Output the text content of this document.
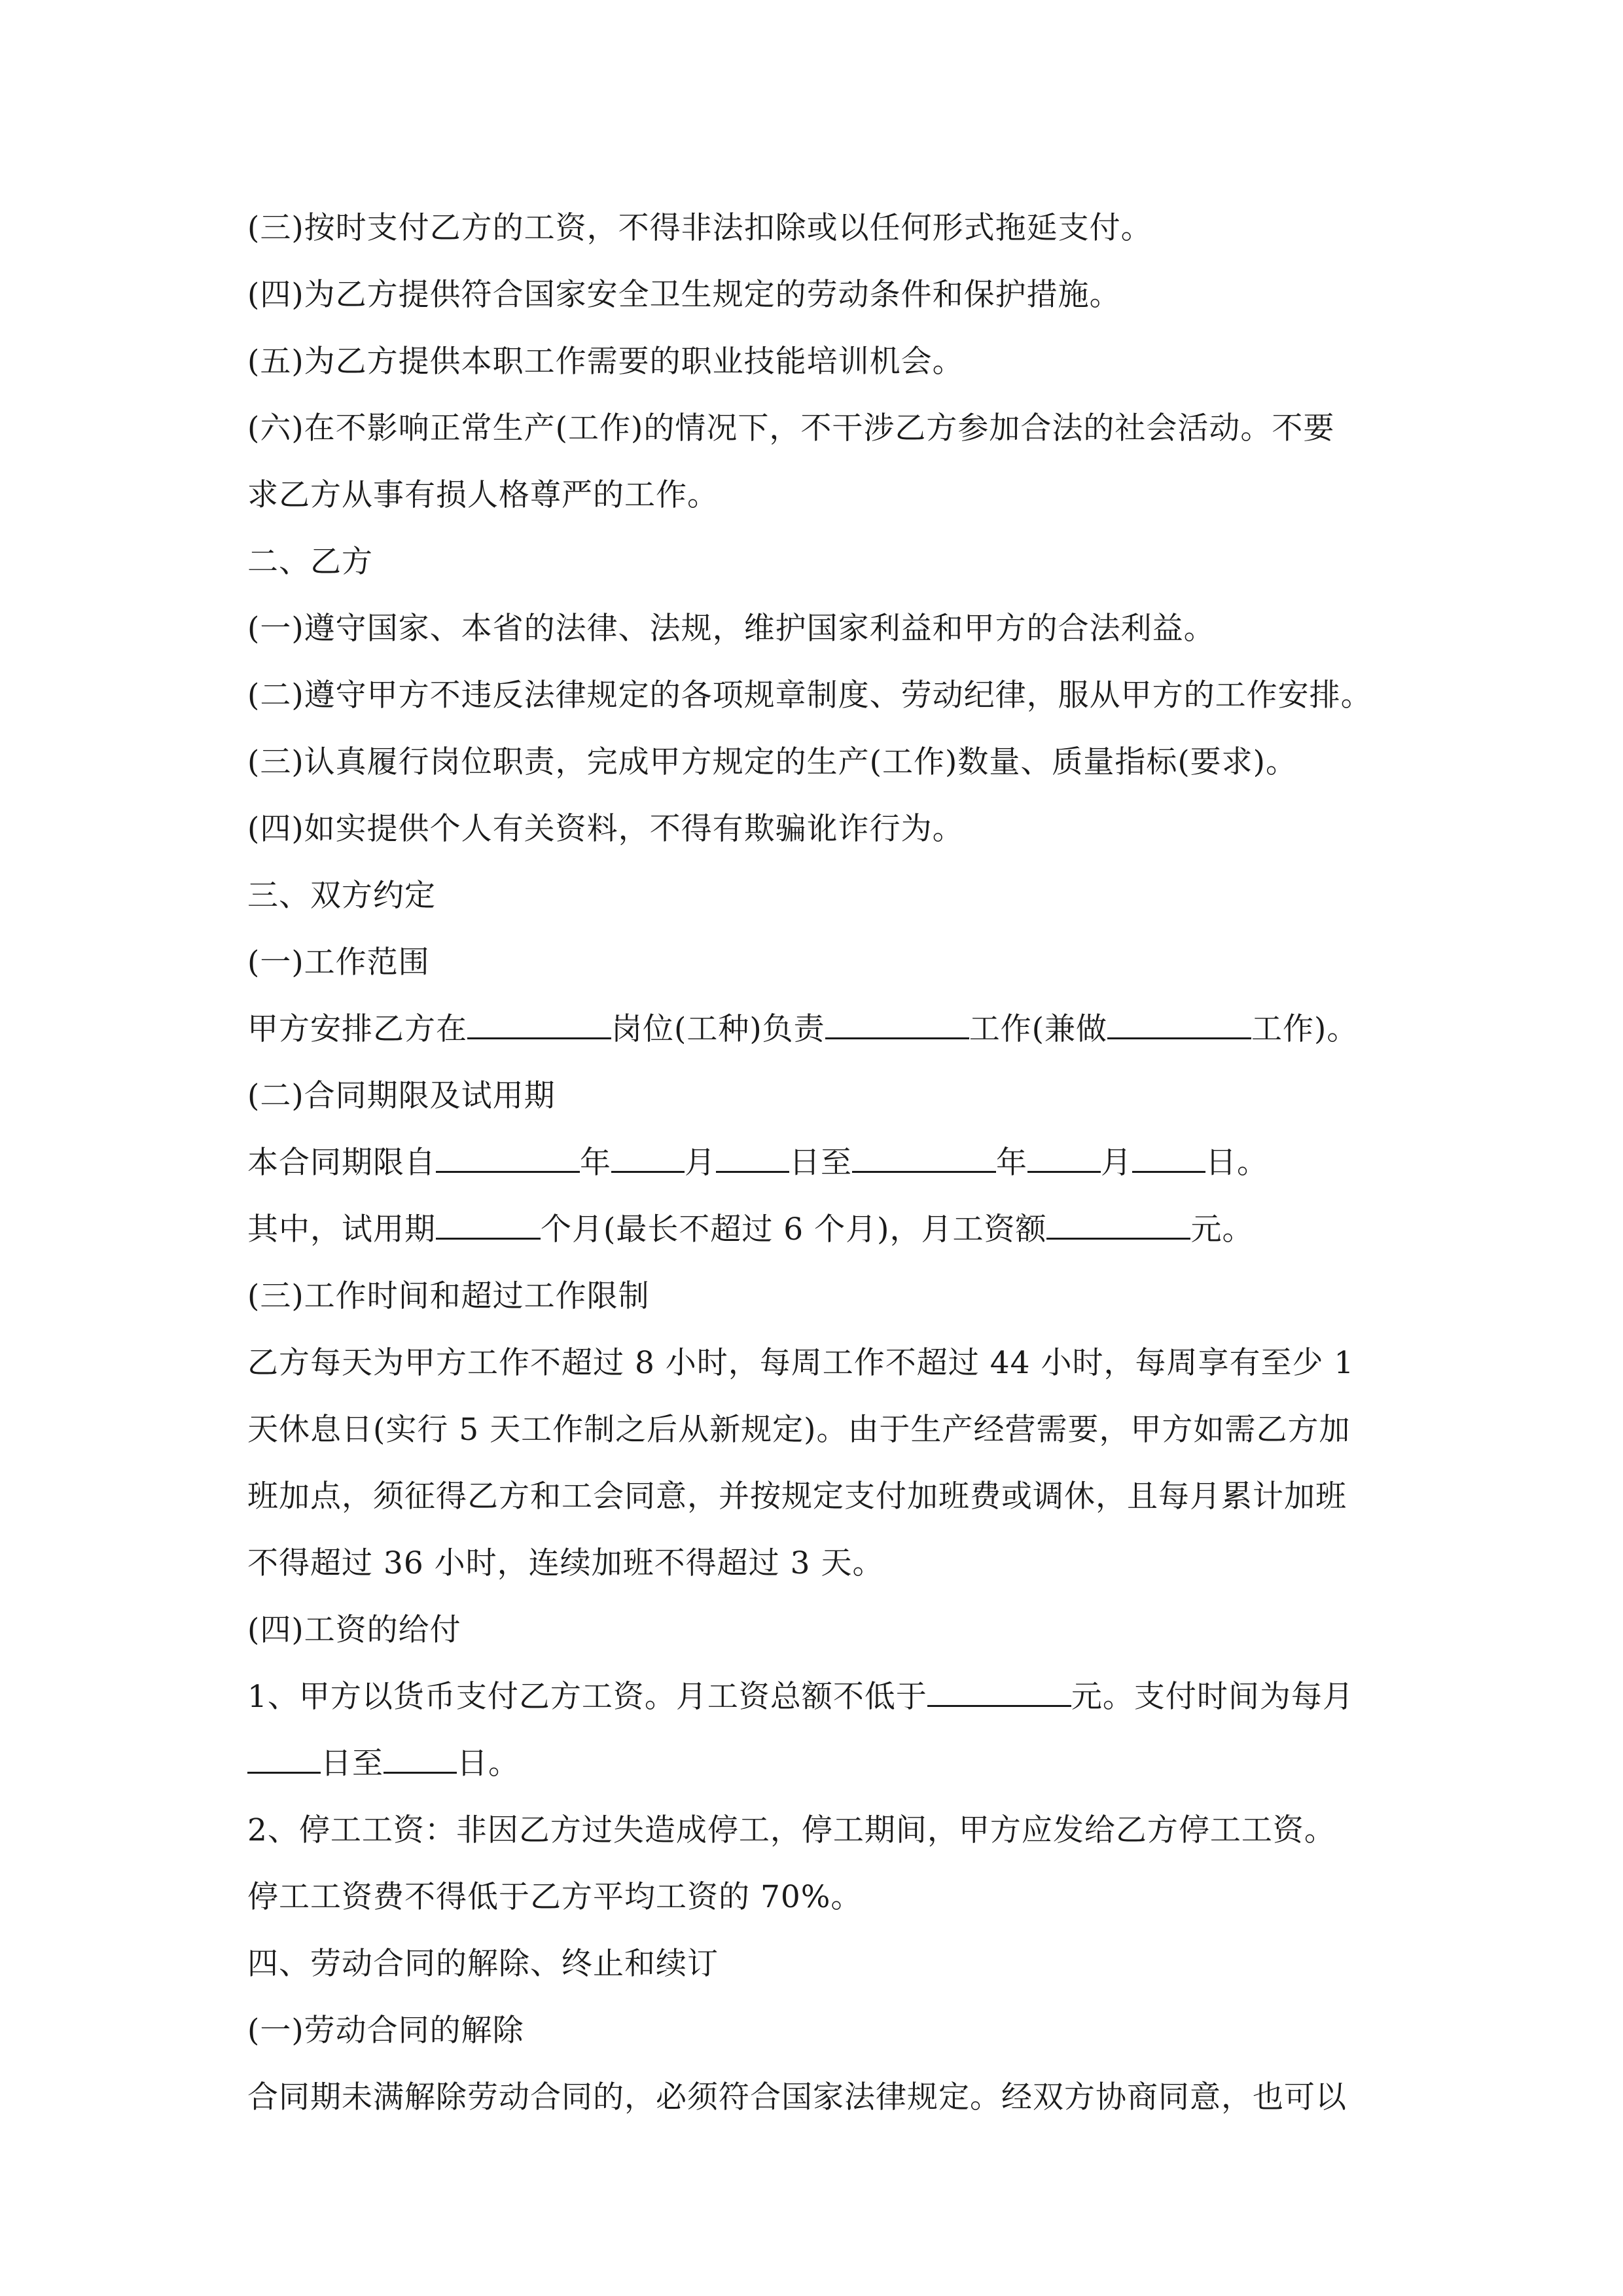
(三)按时支付乙方的工资，不得非法扣除或以任何形式拖延支付。
(四)为乙方提供符合国家安全卫生规定的劳动条件和保护措施。
(五)为乙方提供本职工作需要的职业技能培训机会。
(六)在不影响正常生产(工作)的情况下，不干涉乙方参加合法的社会活动。不要
求乙方从事有损人格尊严的工作。
二、乙方
(一)遵守国家、本省的法律、法规，维护国家利益和甲方的合法利益。
(二)遵守甲方不违反法律规定的各项规章制度、劳动纪律，服从甲方的工作安排。
(三)认真履行岗位职责，完成甲方规定的生产(工作)数量、质量指标(要求)。
(四)如实提供个人有关资料，不得有欺骗讹诈行为。
三、双方约定
(一)工作范围
甲方安排乙方在	岗位(工种)负责	工作(兼做	工作)。
(二)合同期限及试用期
本合同期限自	年 月 日至	年 月 日。
其中，试用期	个月(最长不超过 6 个月)，月工资额	元。
(三)工作时间和超过工作限制
乙方每天为甲方工作不超过 8 小时，每周工作不超过 44 小时，每周享有至少 1
天休息日(实行 5 天工作制之后从新规定)。由于生产经营需要，甲方如需乙方加
班加点，须征得乙方和工会同意，并按规定支付加班费或调休，且每月累计加班
不得超过 36 小时，连续加班不得超过 3 天。
(四)工资的给付
1、甲方以货币支付乙方工资。月工资总额不低于	元。支付时间为每月
日至 日。
2、停工工资：非因乙方过失造成停工，停工期间，甲方应发给乙方停工工资。
停工工资费不得低于乙方平均工资的 70%。
四、劳动合同的解除、终止和续订
(一)劳动合同的解除
合同期未满解除劳动合同的，必须符合国家法律规定。经双方协商同意，也可以
